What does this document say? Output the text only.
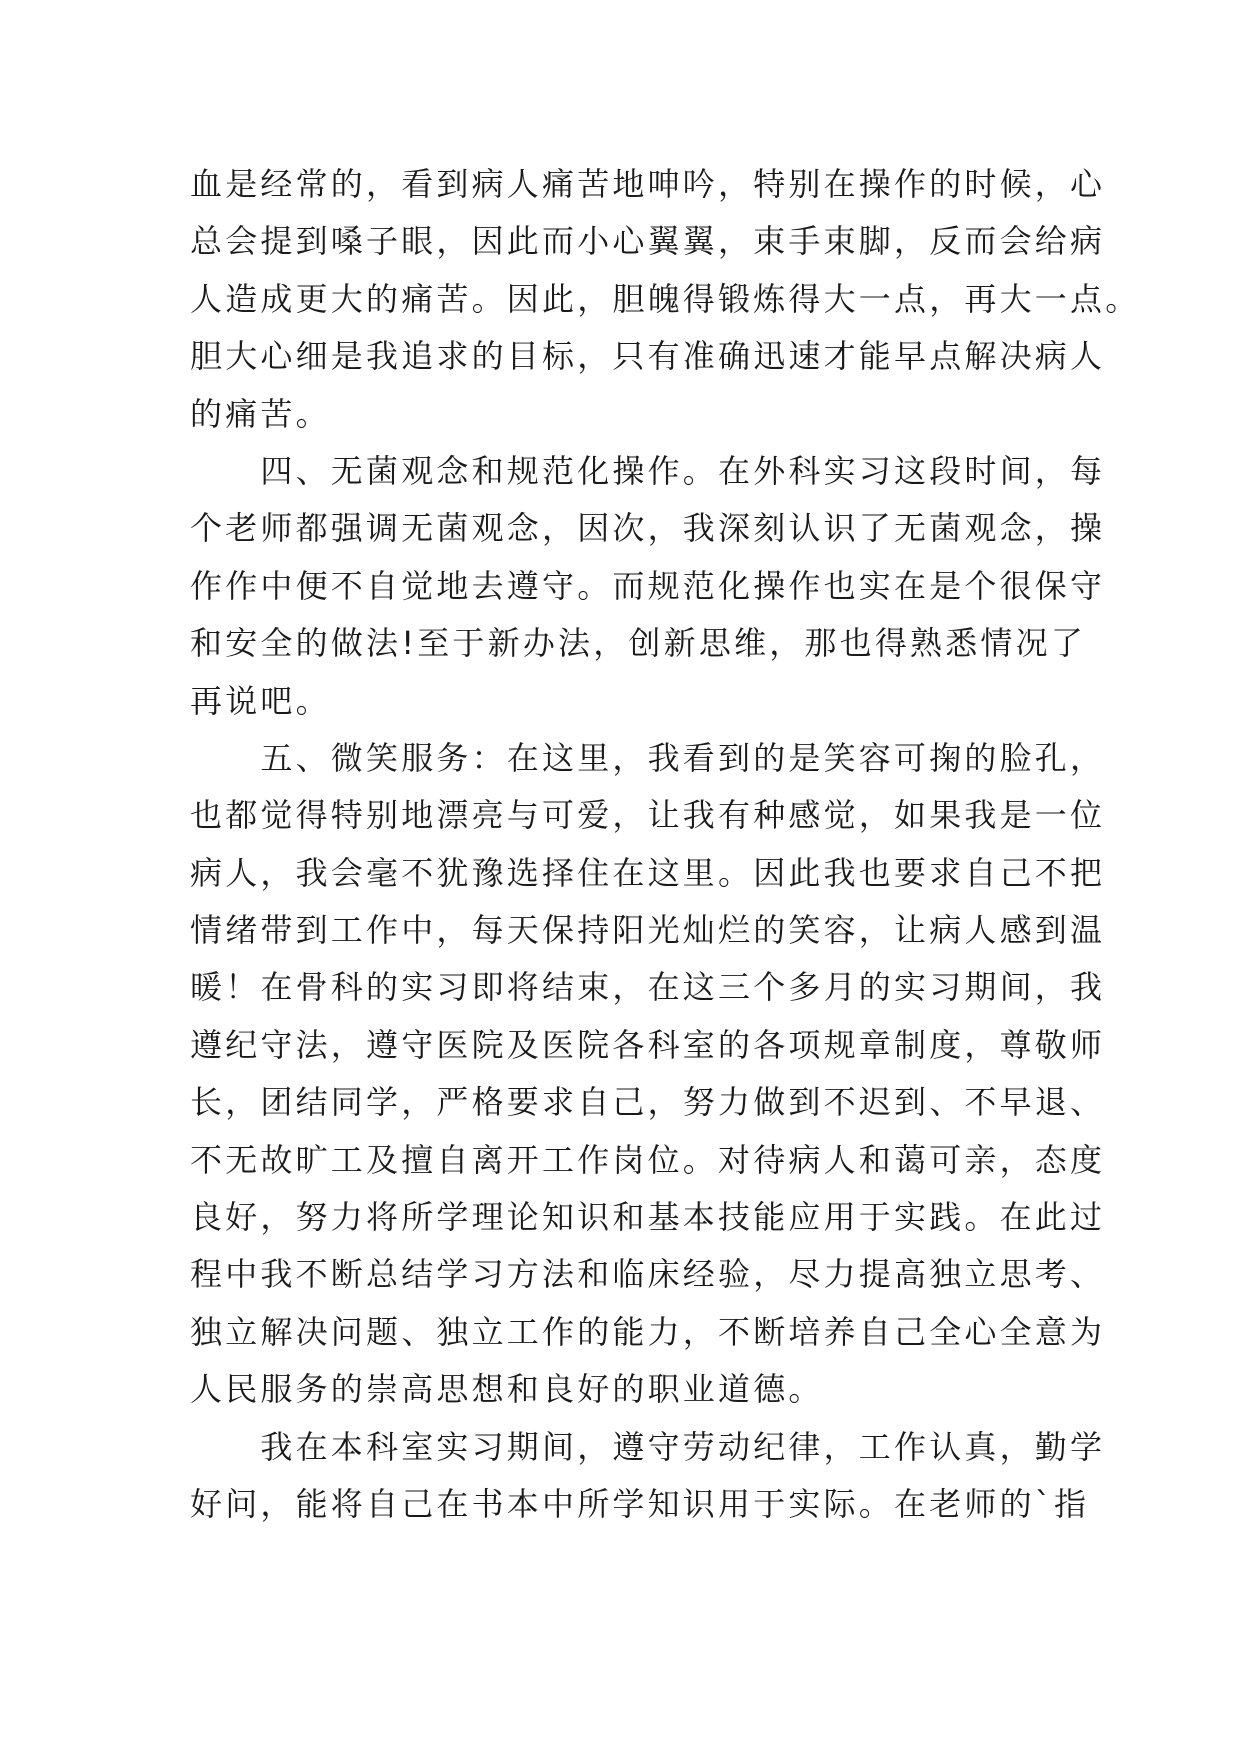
血是经常的，看到病人痛苦地呻吟，特别在操作的时候，心
总会提到嗓子眼，因此而小心翼翼，束手束脚，反而会给病
人造成更大的痛苦。因此，胆魄得锻炼得大一点，再大一点。
胆大心细是我追求的目标，只有准确迅速才能早点解决病人
的痛苦。
　　四、无菌观念和规范化操作。在外科实习这段时间，每
个老师都强调无菌观念，因次，我深刻认识了无菌观念，操
作作中便不自觉地去遵守。而规范化操作也实在是个很保守
和安全的做法!至于新办法，创新思维，那也得熟悉情况了
再说吧。
　　五、微笑服务：在这里，我看到的是笑容可掬的脸孔，
也都觉得特别地漂亮与可爱，让我有种感觉，如果我是一位
病人，我会毫不犹豫选择住在这里。因此我也要求自己不把
情绪带到工作中，每天保持阳光灿烂的笑容，让病人感到温
暖！在骨科的实习即将结束，在这三个多月的实习期间，我
遵纪守法，遵守医院及医院各科室的各项规章制度，尊敬师
长，团结同学，严格要求自己，努力做到不迟到、不早退、
不无故旷工及擅自离开工作岗位。对待病人和蔼可亲，态度
良好，努力将所学理论知识和基本技能应用于实践。在此过
程中我不断总结学习方法和临床经验，尽力提高独立思考、
独立解决问题、独立工作的能力，不断培养自己全心全意为
人民服务的崇高思想和良好的职业道德。
　　我在本科室实习期间，遵守劳动纪律，工作认真，勤学
好问，能将自己在书本中所学知识用于实际。在老师的`指
